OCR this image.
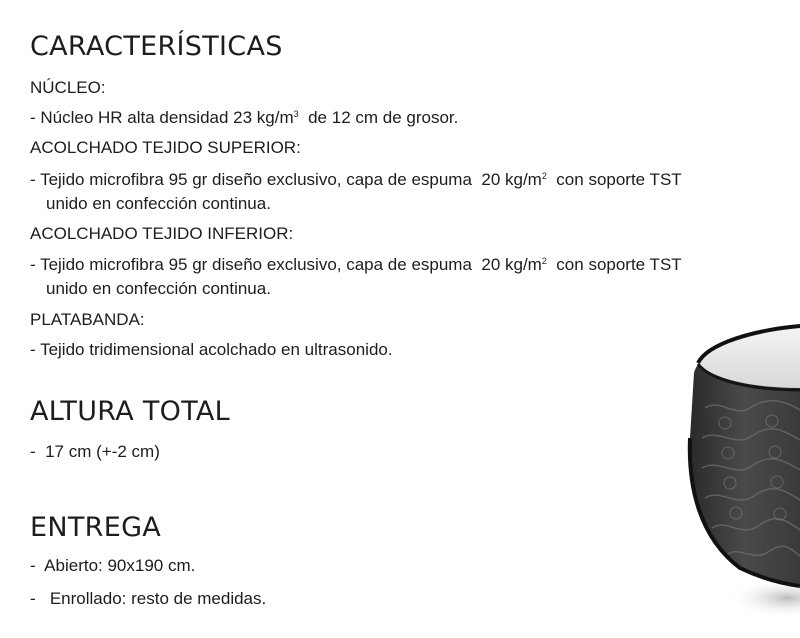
CARACTERÍSTICAS
NÚCLEO:
- Núcleo HR alta densidad 23 $kg/m^3$  de 12 cm de grosor.
ACOLCHADO TEJIDO SUPERIOR:
- Tejido microfibra 95 gr diseño exclusivo, capa de espuma  20 $kg/m^2$  con soporte TST
unido en confección continua.
ACOLCHADO TEJIDO INFERIOR:
- Tejido microfibra 95 gr diseño exclusivo, capa de espuma  20 $kg/m^2$  con soporte TST
unido en confección continua.
PLATABANDA:
- Tejido tridimensional acolchado en ultrasonido.
ALTURA TOTAL
-  17 cm (+-2 cm)
ENTREGA
-  Abierto: 90x190 cm.
-   Enrollado: resto de medidas.
